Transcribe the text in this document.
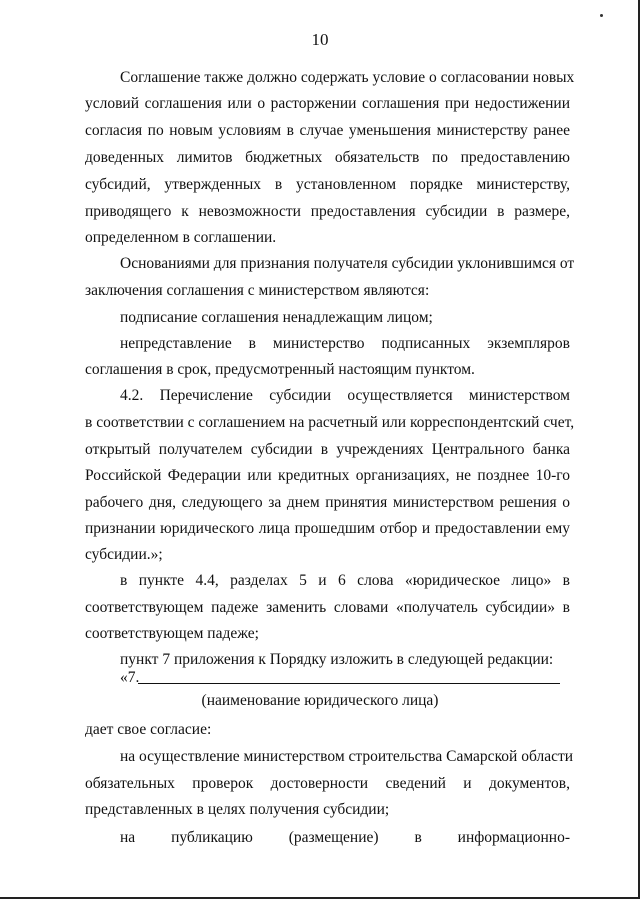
10
Соглашение также должно содержать условие о согласовании новых
условий соглашения или о расторжении соглашения при недостижении
согласия по новым условиям в случае уменьшения министерству ранее
доведенных лимитов бюджетных обязательств по предоставлению
субсидий, утвержденных в установленном порядке министерству,
приводящего к невозможности предоставления субсидии в размере,
определенном в соглашении.
Основаниями для признания получателя субсидии уклонившимся от
заключения соглашения с министерством являются:
подписание соглашения ненадлежащим лицом;
непредставление в министерство подписанных экземпляров
соглашения в срок, предусмотренный настоящим пунктом.
4.2. Перечисление субсидии осуществляется министерством
в соответствии с соглашением на расчетный или корреспондентский счет,
открытый получателем субсидии в учреждениях Центрального банка
Российской Федерации или кредитных организациях, не позднее 10-го
рабочего дня, следующего за днем принятия министерством решения о
признании юридического лица прошедшим отбор и предоставлении ему
субсидии.»;
в пункте 4.4, разделах 5 и 6 слова «юридическое лицо» в
соответствующем падеже заменить словами «получатель субсидии» в
соответствующем падеже;
пункт 7 приложения к Порядку изложить в следующей редакции:
«7.
(наименование юридического лица)
дает свое согласие:
на осуществление министерством строительства Самарской области
обязательных проверок достоверности сведений и документов,
представленных в целях получения субсидии;
на публикацию (размещение) в информационно-
